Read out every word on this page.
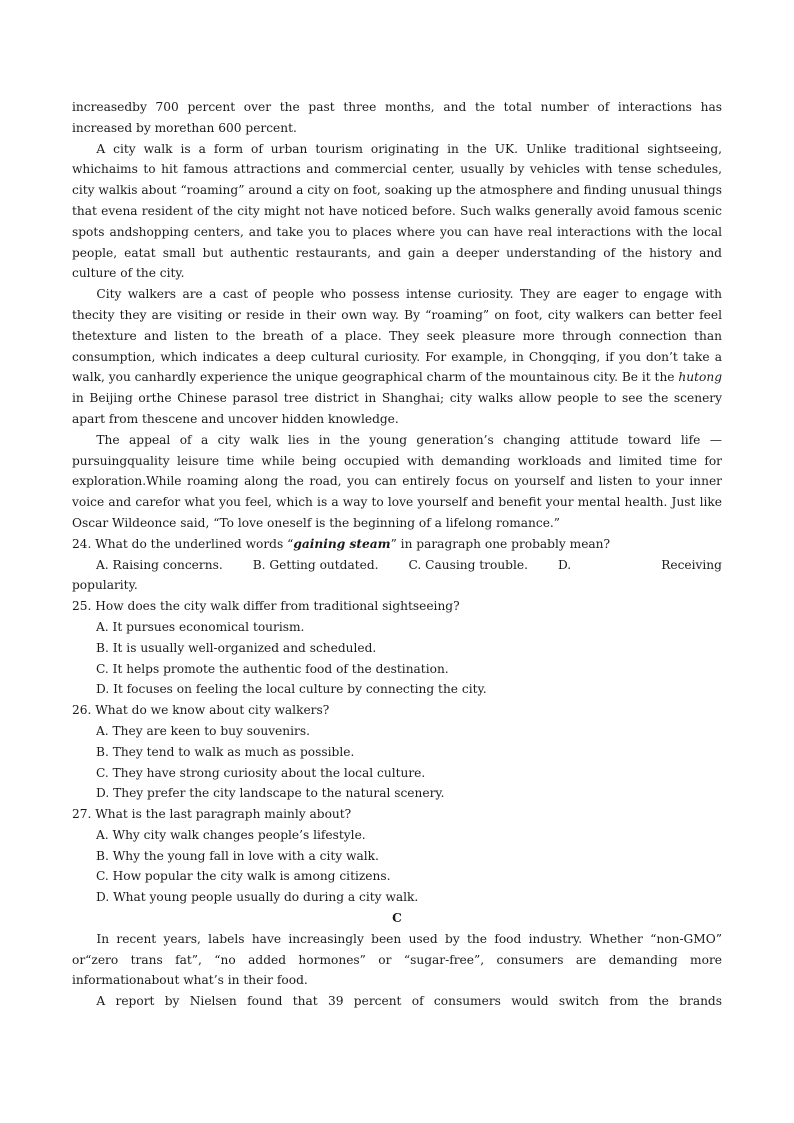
increasedby 700 percent over the past three months, and the total number of interactions has

increased by morethan 600 percent.

A city walk is a form of urban tourism originating in the UK. Unlike traditional sightseeing, whichaims to hit famous attractions and commercial center, usually by vehicles with tense schedules, city walkis about “roaming” around a city on foot, soaking up the atmosphere and finding unusual things that evena resident of the city might not have noticed before. Such walks generally avoid famous scenic spots andshopping centers, and take you to places where you can have real interactions with the local people, eatat small but authentic restaurants, and gain a deeper understanding of the history and culture of the city.

City walkers are a cast of people who possess intense curiosity. They are eager to engage with thecity they are visiting or reside in their own way. By “roaming” on foot, city walkers can better feel thetexture and listen to the breath of a place. They seek pleasure more through connection than consumption, which indicates a deep cultural curiosity. For example, in Chongqing, if you don’t take a walk, you canhardly experience the unique geographical charm of the mountainous city. Be it the hutong in Beijing orthe Chinese parasol tree district in Shanghai; city walks allow people to see the scenery apart from thescene and uncover hidden knowledge.

The appeal of a city walk lies in the young generation’s changing attitude toward life — pursuingquality leisure time while being occupied with demanding workloads and limited time for exploration.While roaming along the road, you can entirely focus on yourself and listen to your inner voice and carefor what you feel, which is a way to love yourself and benefit your mental health. Just like Oscar Wildeonce said, “To love oneself is the beginning of a lifelong romance.”

24. What do the underlined words “gaining steam” in paragraph one probably mean?

A. Raising concerns. B. Getting outdated. C. Causing trouble. D.	Receiving

popularity.

25. How does the city walk differ from traditional sightseeing?

A. It pursues economical tourism.

B. It is usually well-organized and scheduled.

C. It helps promote the authentic food of the destination.

D. It focuses on feeling the local culture by connecting the city.

26. What do we know about city walkers?

A. They are keen to buy souvenirs.

B. They tend to walk as much as possible.

C. They have strong curiosity about the local culture.

D. They prefer the city landscape to the natural scenery.

27. What is the last paragraph mainly about?

A. Why city walk changes people’s lifestyle.

B. Why the young fall in love with a city walk.

C. How popular the city walk is among citizens.

D. What young people usually do during a city walk.

C

In recent years, labels have increasingly been used by the food industry. Whether “non-GMO” or“zero trans fat”, “no added hormones” or “sugar-free”, consumers are demanding more informationabout what’s in their food.

A report by Nielsen found that 39 percent of consumers would switch from the brands
